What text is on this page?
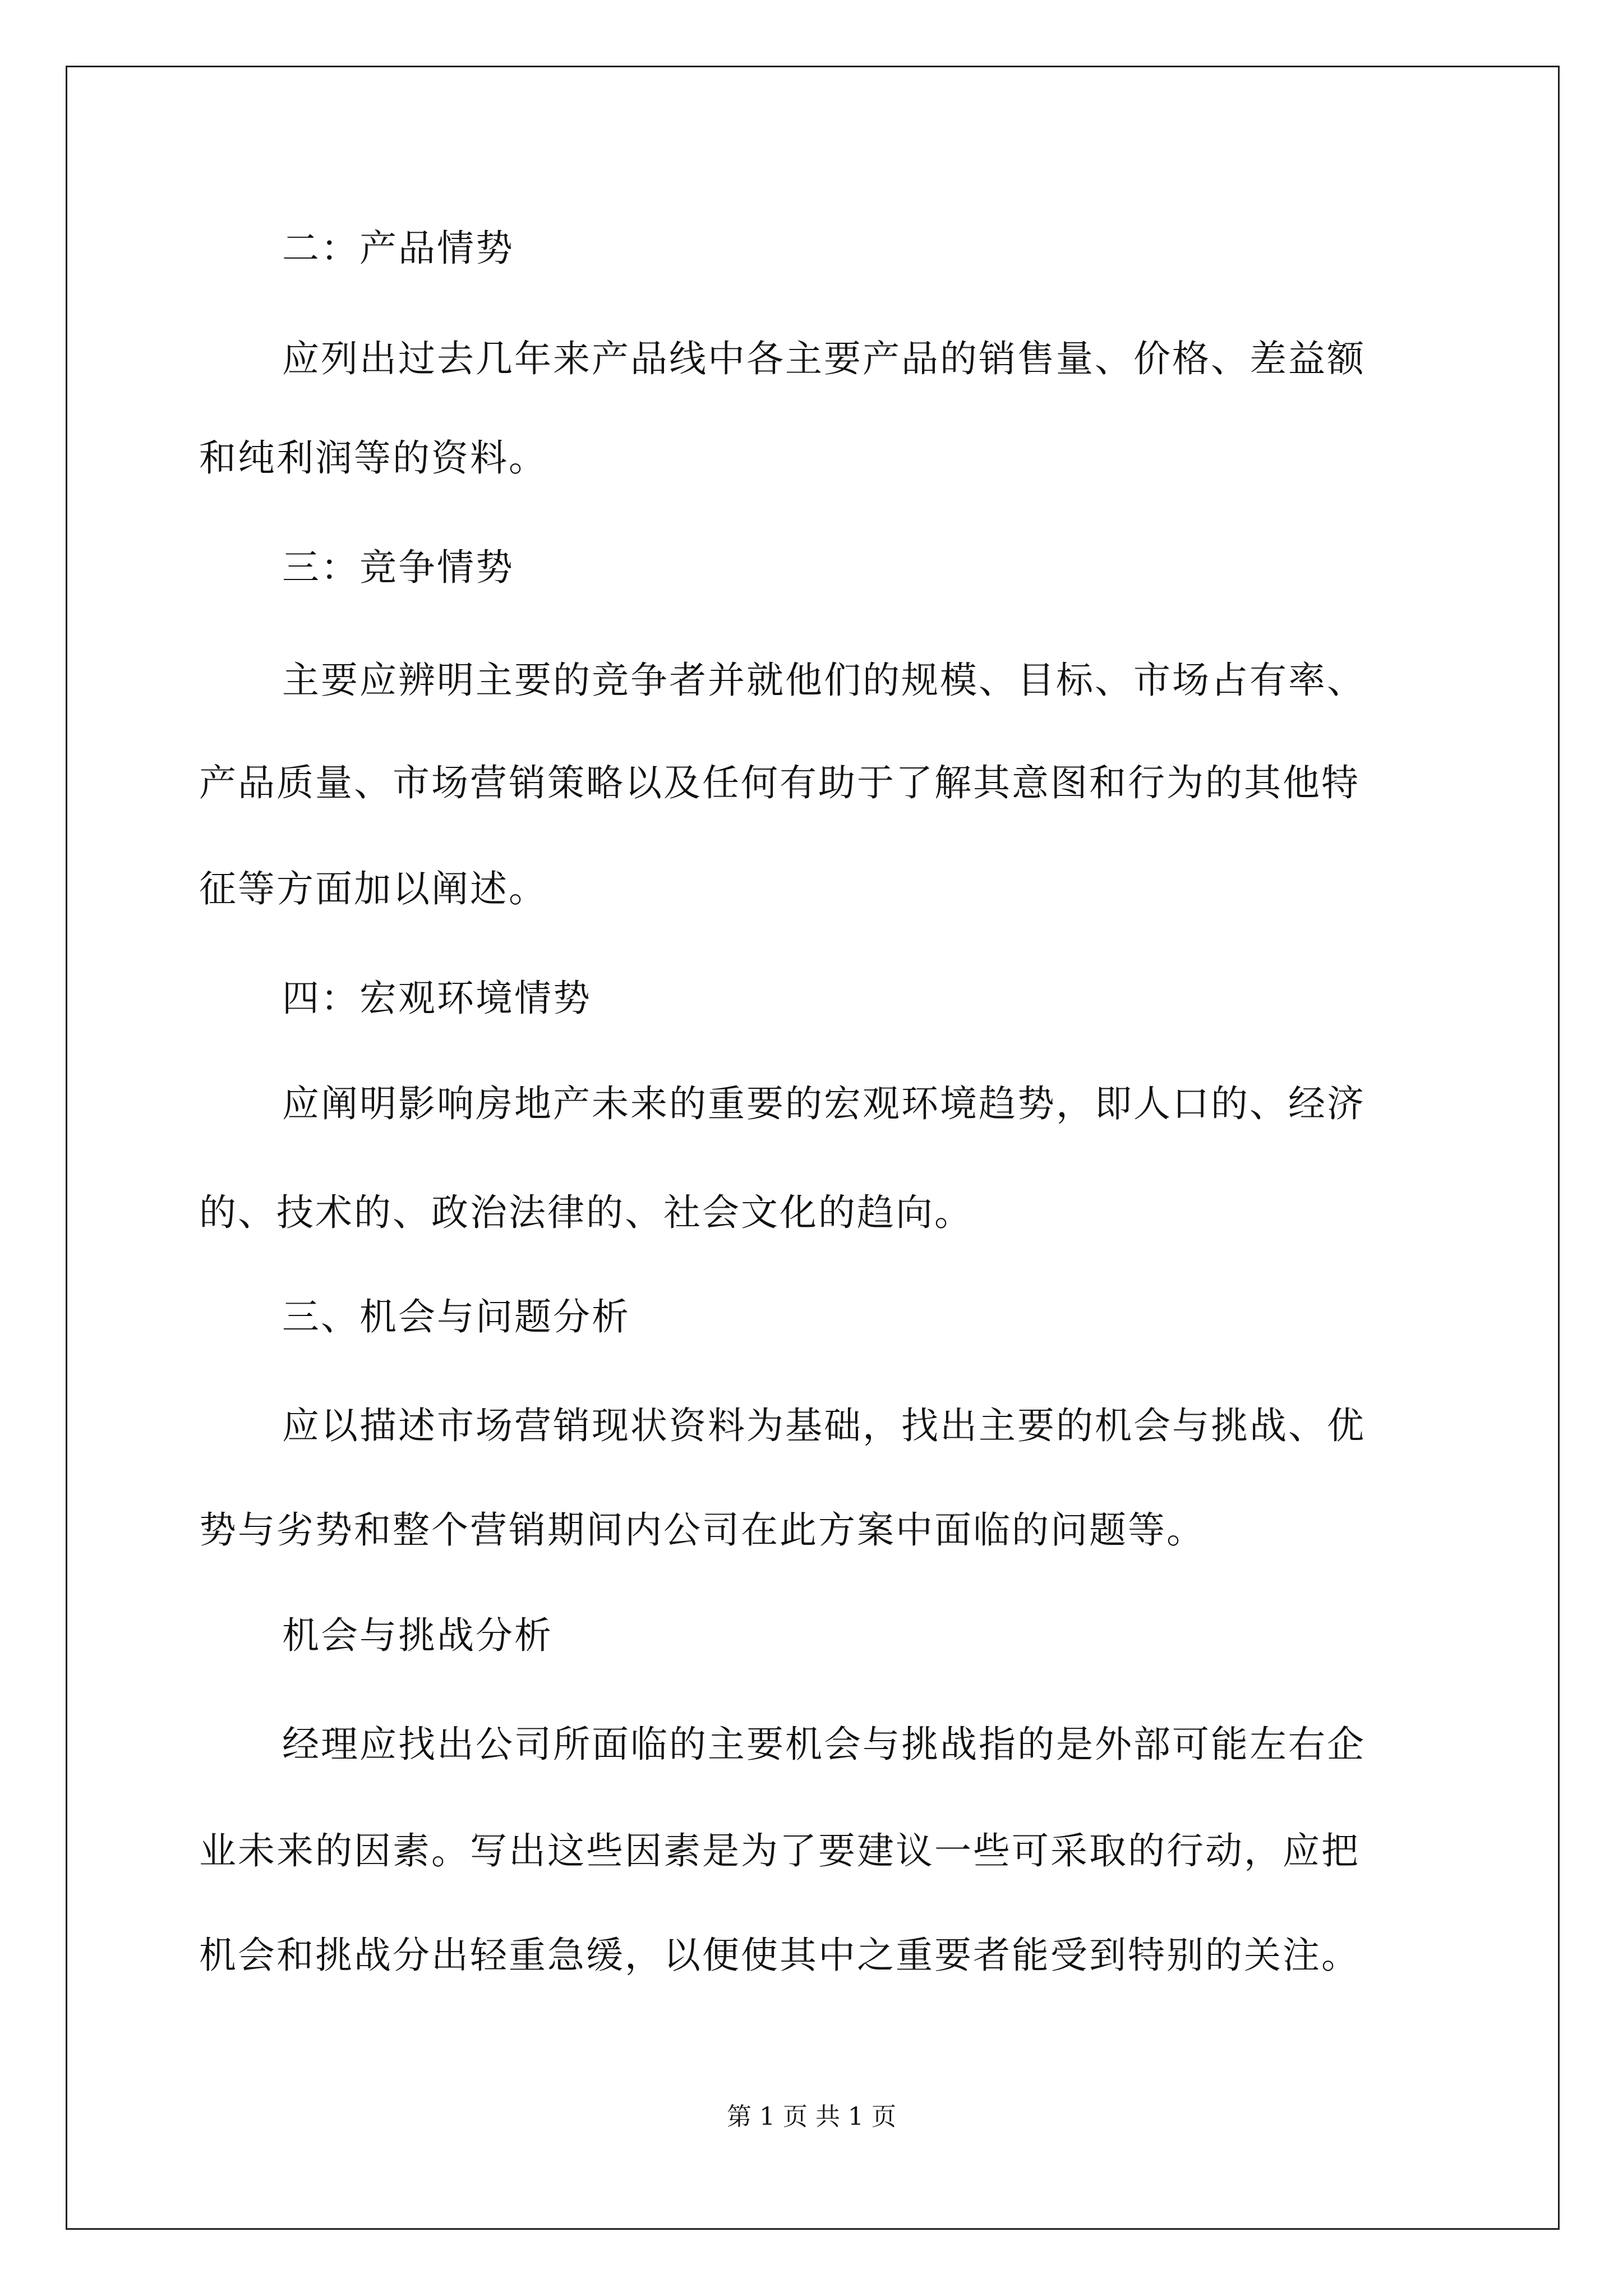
二：产品情势
应列出过去几年来产品线中各主要产品的销售量、价格、差益额
和纯利润等的资料。
三：竞争情势
主要应辨明主要的竞争者并就他们的规模、目标、市场占有率、
产品质量、市场营销策略以及任何有助于了解其意图和行为的其他特
征等方面加以阐述。
四：宏观环境情势
应阐明影响房地产未来的重要的宏观环境趋势，即人口的、经济
的、技术的、政治法律的、社会文化的趋向。
三、机会与问题分析
应以描述市场营销现状资料为基础，找出主要的机会与挑战、优
势与劣势和整个营销期间内公司在此方案中面临的问题等。
机会与挑战分析
经理应找出公司所面临的主要机会与挑战指的是外部可能左右企
业未来的因素。写出这些因素是为了要建议一些可采取的行动，应把
机会和挑战分出轻重急缓，以便使其中之重要者能受到特别的关注。
第 1 页 共 1 页
